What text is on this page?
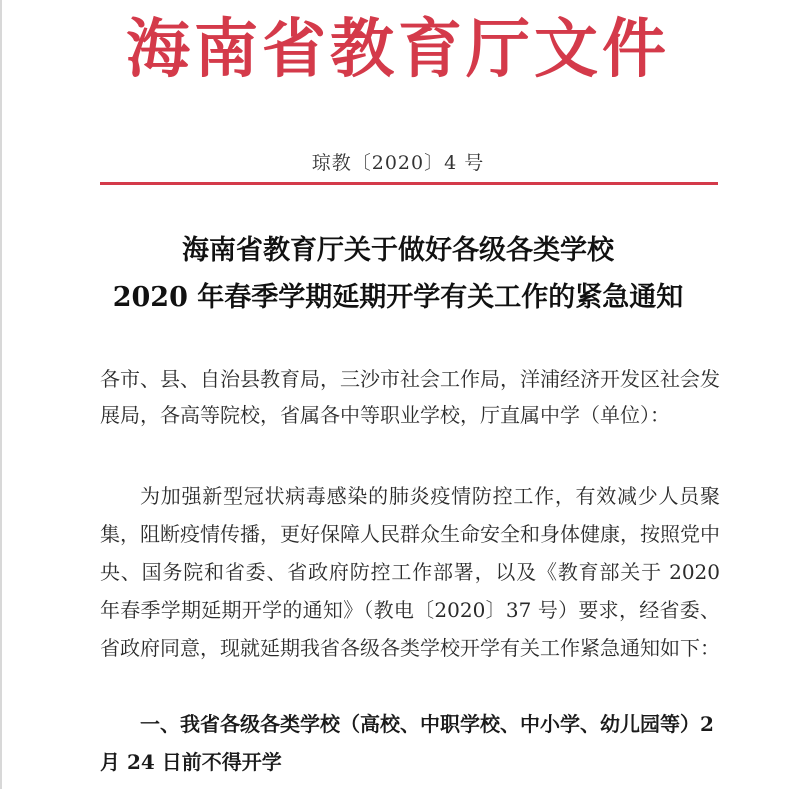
海南省教育厅文件
琼教〔2020〕4 号
海南省教育厅关于做好各级各类学校
2020 年春季学期延期开学有关工作的紧急通知
各市、县、自治县教育局，三沙市社会工作局，洋浦经济开发区社会发展局，各高等院校，省属各中等职业学校，厅直属中学（单位）：
为加强新型冠状病毒感染的肺炎疫情防控工作，有效减少人员聚集，阻断疫情传播，更好保障人民群众生命安全和身体健康，按照党中央、国务院和省委、省政府防控工作部署，以及《教育部关于 2020 年春季学期延期开学的通知》（教电〔2020〕37 号）要求，经省委、省政府同意，现就延期我省各级各类学校开学有关工作紧急通知如下：
一、我省各级各类学校（高校、中职学校、中小学、幼儿园等）2 月 24 日前不得开学
